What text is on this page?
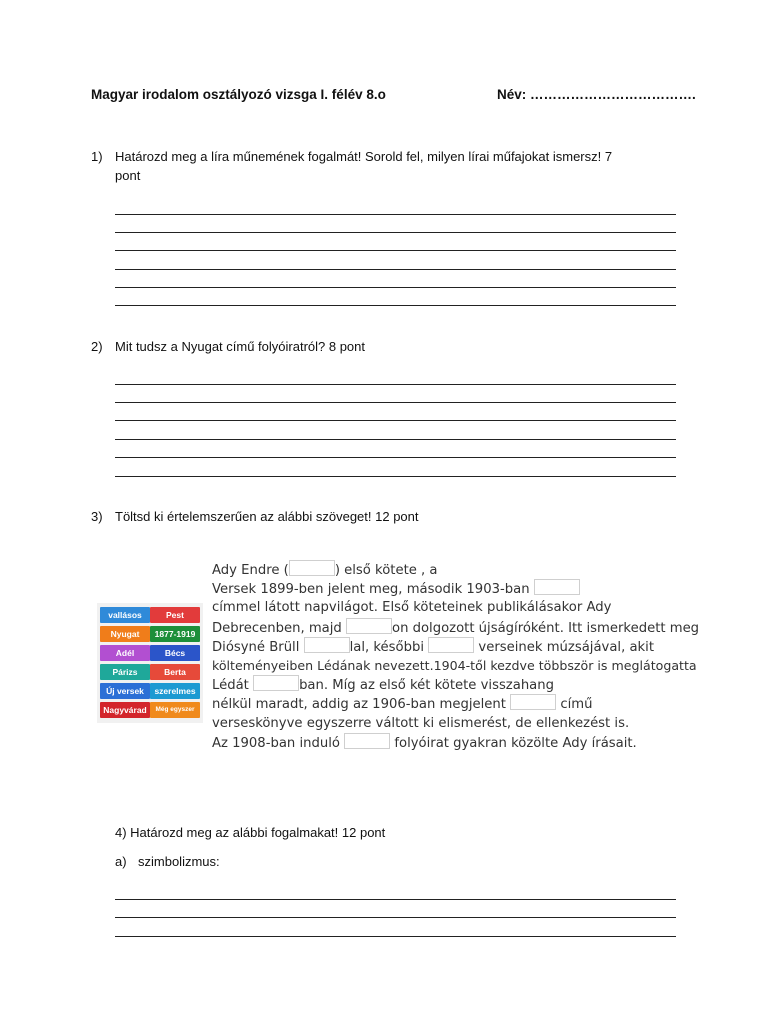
Magyar irodalom osztályozó vizsga I. félév 8.o	Név: ……………………………….
1) Határozd meg a líra műnemének fogalmát! Sorold fel, milyen lírai műfajokat ismersz! 7
pont
2) Mit tudsz a Nyugat című folyóiratról? 8 pont
3) Töltsd ki értelemszerűen az alábbi szöveget! 12 pont
vallásos	Pest
Nyugat	1877-1919
Adél	Bécs
Párizs	Berta
Új versek	szerelmes
Nagyvárad	Még egyszer
Ady Endre (	) első kötete , a
Versek 1899-ben jelent meg, második 1903-ban
címmel látott napvilágot. Első köteteinek publikálásakor Ady
Debrecenben, majd	on dolgozott újságíróként. Itt ismerkedett meg
Diósyné Brüll	lal, későbbi	verseinek múzsájával, akit
költeményeiben Lédának nevezett.1904-től kezdve többször is meglátogatta
Lédát	ban. Míg az első két kötete visszahang
nélkül maradt, addig az 1906-ban megjelent	című
verseskönyve egyszerre váltott ki elismerést, de ellenkezést is.
Az 1908-ban induló	folyóirat gyakran közölte Ady írásait.
4) Határozd meg az alábbi fogalmakat! 12 pont
a) szimbolizmus:
